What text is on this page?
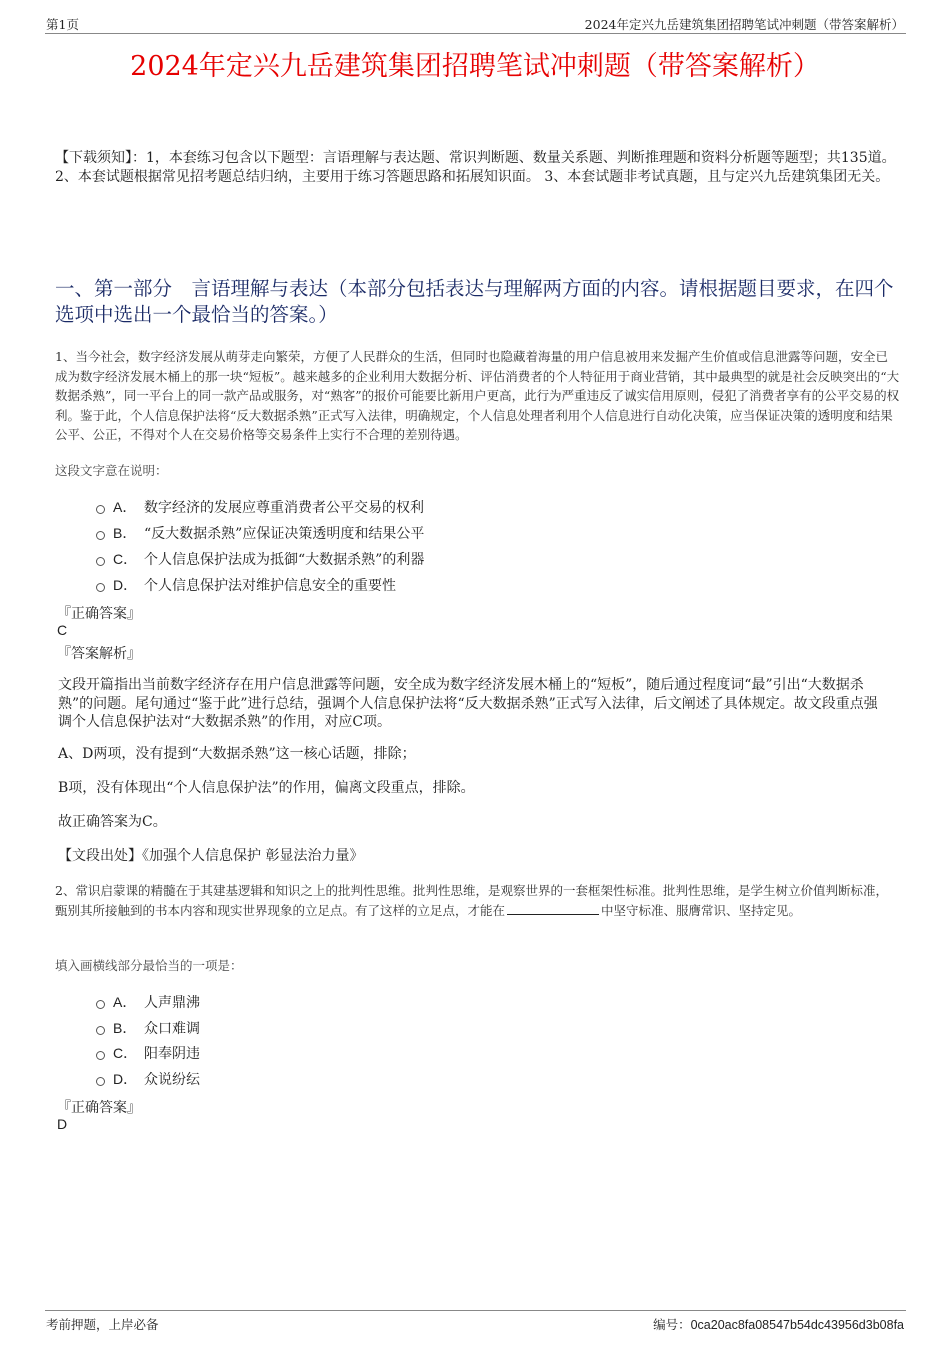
第1页	2024年定兴九岳建筑集团招聘笔试冲刺题（带答案解析）
2024年定兴九岳建筑集团招聘笔试冲刺题（带答案解析）
【下载须知】：1，本套练习包含以下题型：言语理解与表达题、常识判断题、数量关系题、判断推理题和资料分析题等题型；共135道。 2、本套试题根据常见招考题总结归纳，主要用于练习答题思路和拓展知识面。 3、本套试题非考试真题，且与定兴九岳建筑集团无关。
一、第一部分　言语理解与表达（本部分包括表达与理解两方面的内容。请根据题目要求，在四个选项中选出一个最恰当的答案。）
1、当今社会，数字经济发展从萌芽走向繁荣，方便了人民群众的生活，但同时也隐藏着海量的用户信息被用来发掘产生价值或信息泄露等问题，安全已成为数字经济发展木桶上的那一块“短板”。越来越多的企业利用大数据分析、评估消费者的个人特征用于商业营销，其中最典型的就是社会反映突出的“大数据杀熟”，同一平台上的同一款产品或服务，对“熟客”的报价可能要比新用户更高，此行为严重违反了诚实信用原则，侵犯了消费者享有的公平交易的权利。鉴于此，个人信息保护法将“反大数据杀熟”正式写入法律，明确规定，个人信息处理者利用个人信息进行自动化决策，应当保证决策的透明度和结果公平、公正，不得对个人在交易价格等交易条件上实行不合理的差别待遇。
这段文字意在说明：
A． 数字经济的发展应尊重消费者公平交易的权利
B． “反大数据杀熟”应保证决策透明度和结果公平
C． 个人信息保护法成为抵御“大数据杀熟”的利器
D． 个人信息保护法对维护信息安全的重要性
『正确答案』
C
『答案解析』
文段开篇指出当前数字经济存在用户信息泄露等问题，安全成为数字经济发展木桶上的“短板”，随后通过程度词“最”引出“大数据杀熟”的问题。尾句通过“鉴于此”进行总结，强调个人信息保护法将“反大数据杀熟”正式写入法律，后文阐述了具体规定。故文段重点强调个人信息保护法对“大数据杀熟”的作用，对应C项。
A、D两项，没有提到“大数据杀熟”这一核心话题，排除；
B项，没有体现出“个人信息保护法”的作用，偏离文段重点，排除。
故正确答案为C。
【文段出处】《加强个人信息保护 彰显法治力量》
2、常识启蒙课的精髓在于其建基逻辑和知识之上的批判性思维。批判性思维，是观察世界的一套框架性标准。批判性思维，是学生树立价值判断标准，甄别其所接触到的书本内容和现实世界现象的立足点。有了这样的立足点，才能在	中坚守标准、服膺常识、坚持定见。
填入画横线部分最恰当的一项是：
A． 人声鼎沸
B． 众口难调
C． 阳奉阴违
D． 众说纷纭
『正确答案』
D
考前押题，上岸必备	编号：0ca20ac8fa08547b54dc43956d3b08fa
